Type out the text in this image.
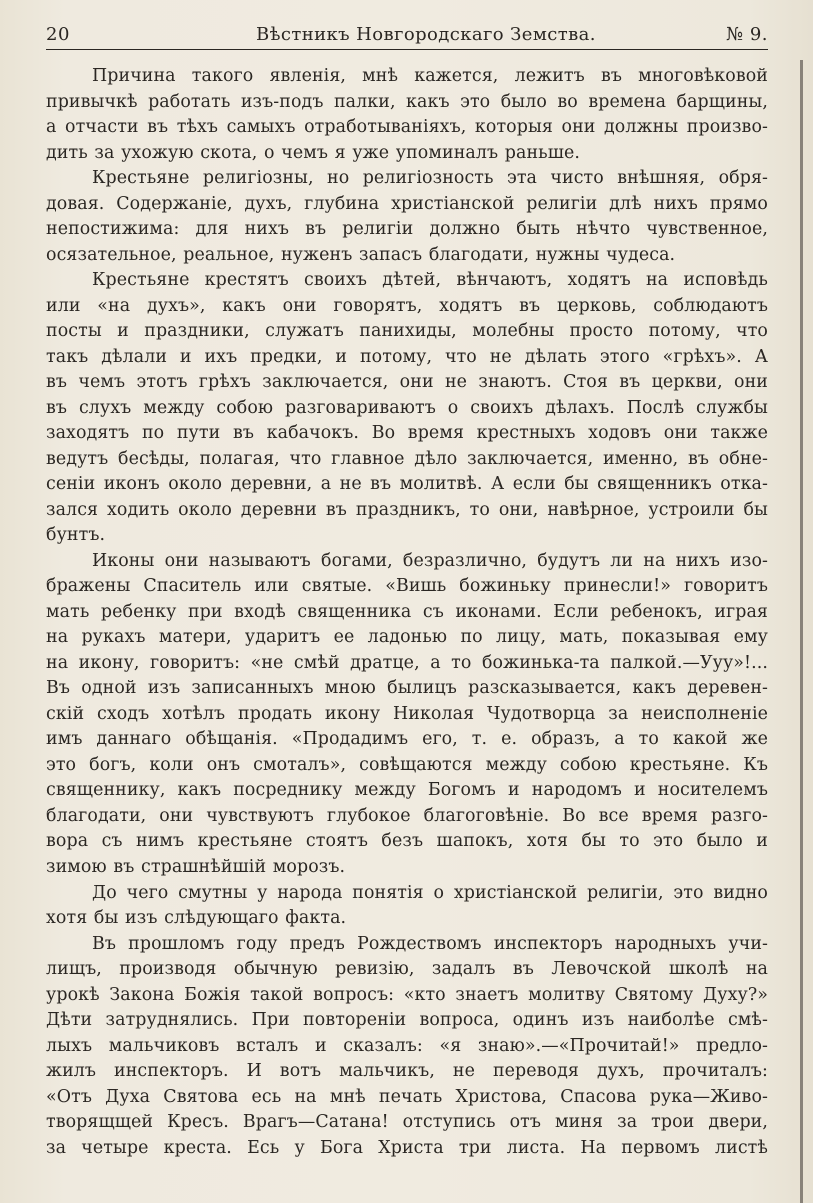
20	Вѣстникъ Новгородскаго Земства.	№ 9.
Причина такого явленія, мнѣ кажется, лежитъ въ многовѣковой
привычкѣ работать изъ-подъ палки, какъ это было во времена барщины,
а отчасти въ тѣхъ самыхъ отработываніяхъ, которыя они должны произво-
дить за ухожую скота, о чемъ я уже упоминалъ раньше.
Крестьяне религіозны, но религіозность эта чисто внѣшняя, обря-
довая. Содержаніе, духъ, глубина христіанской религіи длѣ нихъ прямо
непостижима: для нихъ въ религіи должно быть нѣчто чувственное,
осязательное, реальное, нуженъ запасъ благодати, нужны чудеса.
Крестьяне крестятъ своихъ дѣтей, вѣнчаютъ, ходятъ на исповѣдь
или «на духъ», какъ они говорятъ, ходятъ въ церковь, соблюдаютъ
посты и праздники, служатъ панихиды, молебны просто потому, что
такъ дѣлали и ихъ предки, и потому, что не дѣлать этого «грѣхъ». А
въ чемъ этотъ грѣхъ заключается, они не знаютъ. Стоя въ церкви, они
въ слухъ между собою разговариваютъ о своихъ дѣлахъ. Послѣ службы
заходятъ по пути въ кабачокъ. Во время крестныхъ ходовъ они также
ведутъ бесѣды, полагая, что главное дѣло заключается, именно, въ обне-
сеніи иконъ около деревни, а не въ молитвѣ. А если бы священникъ отка-
зался ходить около деревни въ праздникъ, то они, навѣрное, устроили бы
бунтъ.
Иконы они называютъ богами, безразлично, будутъ ли на нихъ изо-
бражены Спаситель или святые. «Вишь божиньку принесли!» говоритъ
мать ребенку при входѣ священника съ иконами. Если ребенокъ, играя
на рукахъ матери, ударитъ ее ладонью по лицу, мать, показывая ему
на икону, говоритъ: «не смѣй дратце, а то божинька-та палкой.—Ууу»!...
Въ одной изъ записанныхъ мною былицъ разсказывается, какъ деревен-
скій сходъ хотѣлъ продать икону Николая Чудотворца за неисполненіе
имъ даннаго обѣщанія. «Продадимъ его, т. е. образъ, а то какой же
это богъ, коли онъ смоталъ», совѣщаются между собою крестьяне. Къ
священнику, какъ посреднику между Богомъ и народомъ и носителемъ
благодати, они чувствуютъ глубокое благоговѣніе. Во все время разго-
вора съ нимъ крестьяне стоятъ безъ шапокъ, хотя бы то это было и
зимою въ страшнѣйшій морозъ.
До чего смутны у народа понятія о христіанской религіи, это видно
хотя бы изъ слѣдующаго факта.
Въ прошломъ году предъ Рождествомъ инспекторъ народныхъ учи-
лищъ, производя обычную ревизію, задалъ въ Левочской школѣ на
урокѣ Закона Божія такой вопросъ: «кто знаетъ молитву Святому Духу?»
Дѣти затруднялись. При повтореніи вопроса, одинъ изъ наиболѣе смѣ-
лыхъ мальчиковъ всталъ и сказалъ: «я знаю».—«Прочитай!» предло-
жилъ инспекторъ. И вотъ мальчикъ, не переводя духъ, прочиталъ:
«Отъ Духа Святова есь на мнѣ печать Христова, Спасова рука—Живо-
творящщей Кресъ. Врагъ—Сатана! отступись отъ миня за трои двери,
за четыре креста. Есь у Бога Христа три листа. На первомъ листѣ
